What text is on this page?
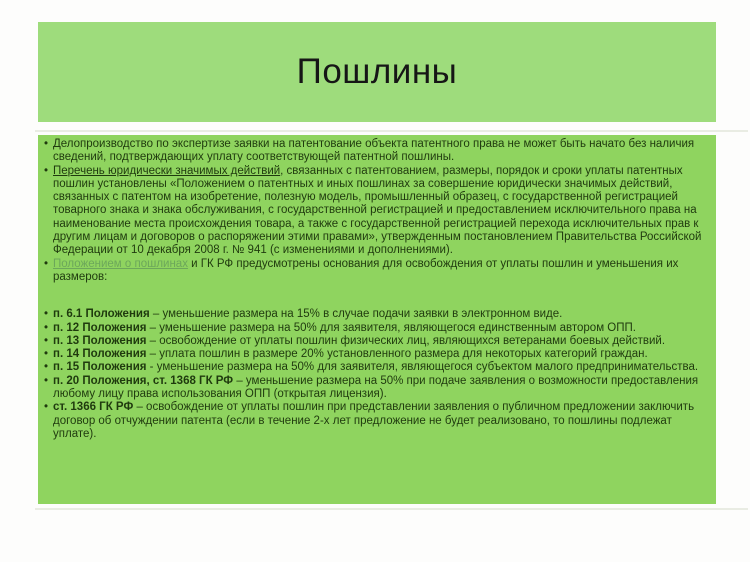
Пошлины

• Делопроизводство по экспертизе заявки на патентование объекта патентного права не может быть начато без наличия сведений, подтверждающих уплату соответствующей патентной пошлины.

• Перечень юридически значимых действий, связанных с патентованием, размеры, порядок и сроки уплаты патентных пошлин установлены «Положением о патентных и иных пошлинах за совершение юридически значимых действий, связанных с патентом на изобретение, полезную модель, промышленный образец, с государственной регистрацией товарного знака и знака обслуживания, с государственной регистрацией и предоставлением исключительного права на наименование места происхождения товара, а также с государственной регистрацией перехода исключительных прав к другим лицам и договоров о распоряжении этими правами», утвержденным постановлением Правительства Российской Федерации от 10 декабря 2008 г. № 941 (с изменениями и дополнениями).

• Положением о пошлинах и ГК РФ предусмотрены основания для освобождения от уплаты пошлин и уменьшения их размеров:

• п. 6.1 Положения – уменьшение размера на 15% в случае подачи заявки в электронном виде.

• п. 12 Положения – уменьшение размера на 50% для заявителя, являющегося единственным автором ОПП.

• п. 13 Положения – освобождение от уплаты пошлин физических лиц, являющихся ветеранами боевых действий.

• п. 14 Положения – уплата пошлин в размере 20% установленного размера для некоторых категорий граждан.

• п. 15 Положения - уменьшение размера на 50% для заявителя, являющегося субъектом малого предпринимательства.

• п. 20 Положения, ст. 1368 ГК РФ – уменьшение размера на 50% при подаче заявления о возможности предоставления любому лицу права использования ОПП (открытая лицензия).

• ст. 1366 ГК РФ – освобождение от уплаты пошлин при представлении заявления о публичном предложении заключить договор об отчуждении патента (если в течение 2-х лет предложение не будет реализовано, то пошлины подлежат уплате).
